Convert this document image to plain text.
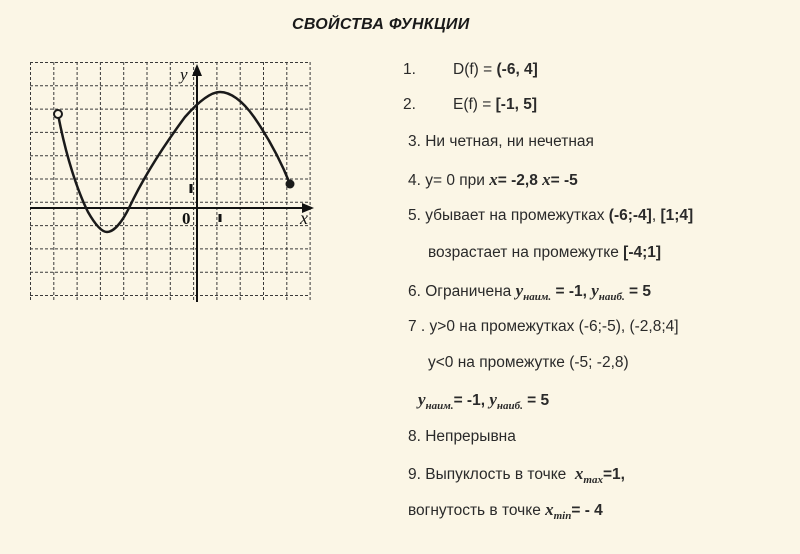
СВОЙСТВА ФУНКЦИИ
y
x
0
1. D(f) = (-6, 4]
2. E(f) = [-1, 5]
3. Ни четная, ни нечетная
4. y= 0 при x= -2,8 x= -5
5. убывает на промежутках (-6;-4], [1;4]
возрастает на промежутке [-4;1]
6. Ограничена $y_{наим.} = -1$, $y_{наиб.} = 5$
7 . y>0 на промежутках (-6;-5), (-2,8;4]
y<0 на промежутке (-5; -2,8)
$y_{наим.}= -1$, $y_{наиб.} = 5$
8. Непрерывна
9. Выпуклость в точке  $x_{max}=1$,
вогнутость в точке $x_{min}= - 4$
